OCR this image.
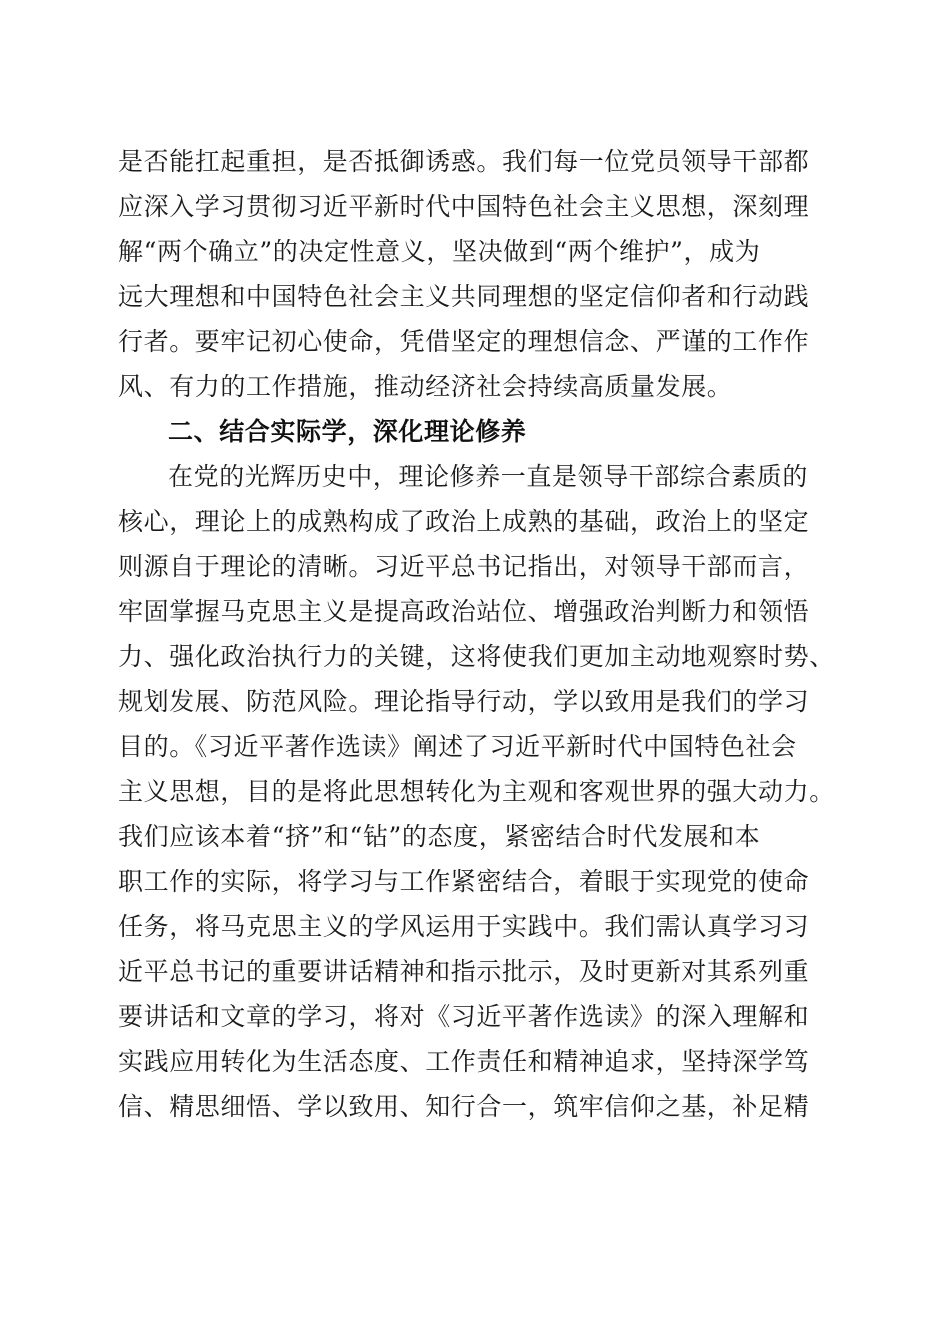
是否能扛起重担，是否抵御诱惑。我们每一位党员领导干部都
应深入学习贯彻习近平新时代中国特色社会主义思想，深刻理
解“两个确立”的决定性意义，坚决做到“两个维护”，成为
远大理想和中国特色社会主义共同理想的坚定信仰者和行动践
行者。要牢记初心使命，凭借坚定的理想信念、严谨的工作作
风、有力的工作措施，推动经济社会持续高质量发展。
二、结合实际学，深化理论修养
在党的光辉历史中，理论修养一直是领导干部综合素质的
核心，理论上的成熟构成了政治上成熟的基础，政治上的坚定
则源自于理论的清晰。习近平总书记指出，对领导干部而言，
牢固掌握马克思主义是提高政治站位、增强政治判断力和领悟
力、强化政治执行力的关键，这将使我们更加主动地观察时势、
规划发展、防范风险。理论指导行动，学以致用是我们的学习
目的。《习近平著作选读》阐述了习近平新时代中国特色社会
主义思想，目的是将此思想转化为主观和客观世界的强大动力。
我们应该本着“挤”和“钻”的态度，紧密结合时代发展和本
职工作的实际，将学习与工作紧密结合，着眼于实现党的使命
任务，将马克思主义的学风运用于实践中。我们需认真学习习
近平总书记的重要讲话精神和指示批示，及时更新对其系列重
要讲话和文章的学习，将对《习近平著作选读》的深入理解和
实践应用转化为生活态度、工作责任和精神追求，坚持深学笃
信、精思细悟、学以致用、知行合一，筑牢信仰之基，补足精
